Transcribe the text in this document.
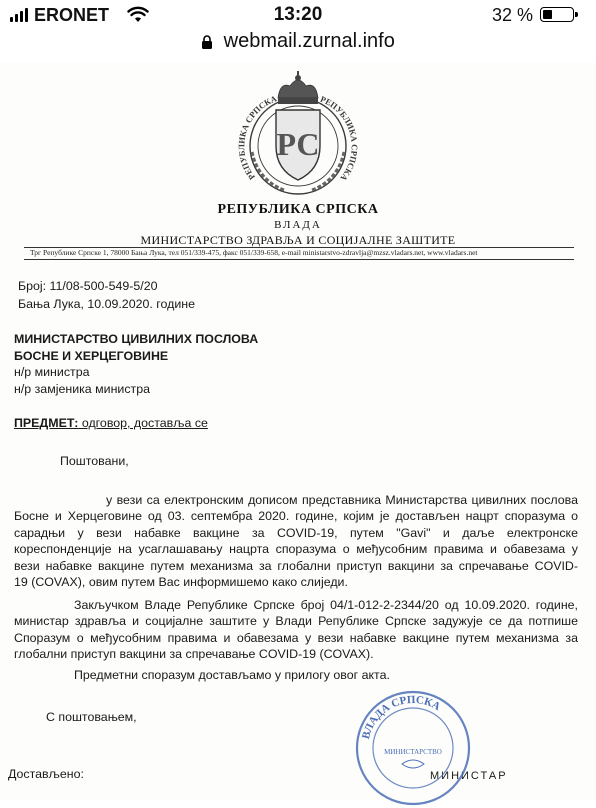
ERONET	13:20	32 %
webmail.zurnal.info
РЕПУБЛИКА СРПСКА	РЕПУБЛИКА СРПСКА
РС
РЕПУБЛИКА СРПСКА
ВЛАДА
МИНИСТАРСТВО ЗДРАВЉА И СОЦИЈАЛНЕ ЗАШТИТЕ
Трг Републике Српске 1, 78000 Бања Лука, тел 051/339-475, факс 051/339-658, e-mail ministarstvo-zdravlja@mzsz.vladars.net, www.vladars.net
Број: 11/08-500-549-5/20
Бања Лука, 10.09.2020. године
МИНИСТАРСТВО ЦИВИЛНИХ ПОСЛОВА
БОСНЕ И ХЕРЦЕГОВИНЕ
н/р министра
н/р замјеника министра
ПРЕДМЕТ: одговор, доставља се
Поштовани,
у вези са електронским дописом представника Министарства цивилних послова
Босне и Херцеговине од 03. септембра 2020. године, којим је достављен нацрт споразума о
сарадњи у вези набавке вакцине за COVID-19, путем "Gavi" и даље електронске
кореспонденције на усаглашавању нацрта споразума о међусобним правима и обавезама у
вези набавке вакцине путем механизма за глобални приступ вакцини за спречавање COVID-
19 (COVAX), овим путем Вас информишемо како слиједи.
Закључком Владе Републике Српске број 04/1-012-2-2344/20 од 10.09.2020. године,
министар здравља и социјалне заштите у Влади Републике Српске задужује се да потпише
Споразум о међусобним правима и обавезама у вези набавке вакцине путем механизма за
глобални приступ вакцини за спречавање COVID-19 (COVAX).
Предметни споразум достављамо у прилогу овог акта.
С поштовањем,
Достављено:	МИНИСТАР
ВЛАДА СРПСКА
МИНИСТАРСТВО
